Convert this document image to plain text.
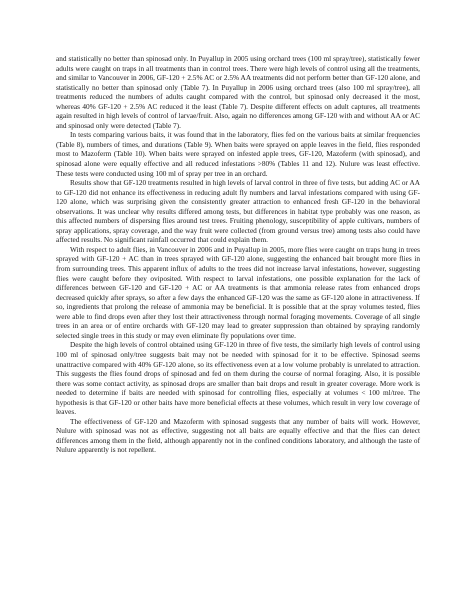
and statistically no better than spinosad only. In Puyallup in 2005 using orchard trees (100 ml spray/tree), statistically fewer adults were caught on traps in all treatments than in control trees. There were high levels of control using all the treatments, and similar to Vancouver in 2006, GF-120 + 2.5% AC or 2.5% AA treatments did not perform better than GF-120 alone, and statistically no better than spinosad only (Table 7). In Puyallup in 2006 using orchard trees (also 100 ml spray/tree), all treatments reduced the numbers of adults caught compared with the control, but spinosad only decreased it the most, whereas 40% GF-120 + 2.5% AC reduced it the least (Table 7). Despite different effects on adult captures, all treatments again resulted in high levels of control of larvae/fruit. Also, again no differences among GF-120 with and without AA or AC and spinosad only were detected (Table 7).

In tests comparing various baits, it was found that in the laboratory, flies fed on the various baits at similar frequencies (Table 8), numbers of times, and durations (Table 9). When baits were sprayed on apple leaves in the field, flies responded most to Mazoferm (Table 10). When baits were sprayed on infested apple trees, GF-120, Mazoferm (with spinosad), and spinosad alone were equally effective and all reduced infestations >80% (Tables 11 and 12). Nulure was least effective. These tests were conducted using 100 ml of spray per tree in an orchard.

Results show that GF-120 treatments resulted in high levels of larval control in three of five tests, but adding AC or AA to GF-120 did not enhance its effectiveness in reducing adult fly numbers and larval infestations compared with using GF-120 alone, which was surprising given the consistently greater attraction to enhanced fresh GF-120 in the behavioral observations. It was unclear why results differed among tests, but differences in habitat type probably was one reason, as this affected numbers of dispersing flies around test trees. Fruiting phenology, susceptibility of apple cultivars, numbers of spray applications, spray coverage, and the way fruit were collected (from ground versus tree) among tests also could have affected results. No significant rainfall occurred that could explain them.

With respect to adult flies, in Vancouver in 2006 and in Puyallup in 2005, more flies were caught on traps hung in trees sprayed with GF-120 + AC than in trees sprayed with GF-120 alone, suggesting the enhanced bait brought more flies in from surrounding trees. This apparent influx of adults to the trees did not increase larval infestations, however, suggesting flies were caught before they oviposited. With respect to larval infestations, one possible explanation for the lack of differences between GF-120 and GF-120 + AC or AA treatments is that ammonia release rates from enhanced drops decreased quickly after sprays, so after a few days the enhanced GF-120 was the same as GF-120 alone in attractiveness. If so, ingredients that prolong the release of ammonia may be beneficial. It is possible that at the spray volumes tested, flies were able to find drops even after they lost their attractiveness through normal foraging movements. Coverage of all single trees in an area or of entire orchards with GF-120 may lead to greater suppression than obtained by spraying randomly selected single trees in this study or may even eliminate fly populations over time.

Despite the high levels of control obtained using GF-120 in three of five tests, the similarly high levels of control using 100 ml of spinosad only/tree suggests bait may not be needed with spinosad for it to be effective. Spinosad seems unattractive compared with 40% GF-120 alone, so its effectiveness even at a low volume probably is unrelated to attraction. This suggests the flies found drops of spinosad and fed on them during the course of normal foraging. Also, it is possible there was some contact activity, as spinosad drops are smaller than bait drops and result in greater coverage. More work is needed to determine if baits are needed with spinosad for controlling flies, especially at volumes < 100 ml/tree. The hypothesis is that GF-120 or other baits have more beneficial effects at these volumes, which result in very low coverage of leaves.

The effectiveness of GF-120 and Mazoferm with spinosad suggests that any number of baits will work. However, Nulure with spinosad was not as effective, suggesting not all baits are equally effective and that the flies can detect differences among them in the field, although apparently not in the confined conditions laboratory, and although the taste of Nulure apparently is not repellent.
